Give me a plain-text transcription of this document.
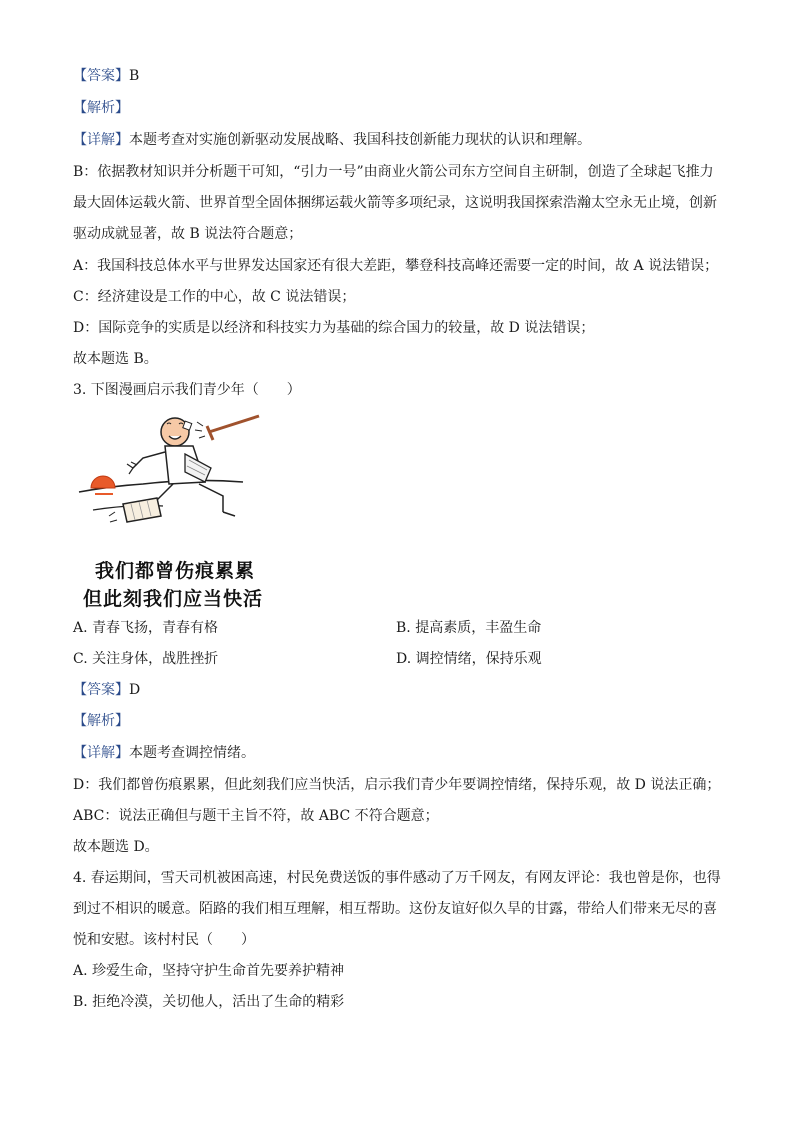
【答案】B
【解析】
【详解】本题考查对实施创新驱动发展战略、我国科技创新能力现状的认识和理解。
B：依据教材知识并分析题干可知，“引力一号”由商业火箭公司东方空间自主研制，创造了全球起飞推力
最大固体运载火箭、世界首型全固体捆绑运载火箭等多项纪录，这说明我国探索浩瀚太空永无止境，创新
驱动成就显著，故 B 说法符合题意；
A：我国科技总体水平与世界发达国家还有很大差距，攀登科技高峰还需要一定的时间，故 A 说法错误；
C：经济建设是工作的中心，故 C 说法错误；
D：国际竞争的实质是以经济和科技实力为基础的综合国力的较量，故 D 说法错误；
故本题选 B。
3. 下图漫画启示我们青少年（　　）
我们都曾伤痕累累
但此刻我们应当快活
A. 青春飞扬，青春有格	B. 提高素质，丰盈生命
C. 关注身体，战胜挫折	D. 调控情绪，保持乐观
【答案】D
【解析】
【详解】本题考查调控情绪。
D：我们都曾伤痕累累，但此刻我们应当快活，启示我们青少年要调控情绪，保持乐观，故 D 说法正确；
ABC：说法正确但与题干主旨不符，故 ABC 不符合题意；
故本题选 D。
4. 春运期间，雪天司机被困高速，村民免费送饭的事件感动了万千网友，有网友评论：我也曾是你，也得
到过不相识的暖意。陌路的我们相互理解，相互帮助。这份友谊好似久旱的甘露，带给人们带来无尽的喜
悦和安慰。该村村民（　　）
A. 珍爱生命，坚持守护生命首先要养护精神
B. 拒绝冷漠，关切他人，活出了生命的精彩
